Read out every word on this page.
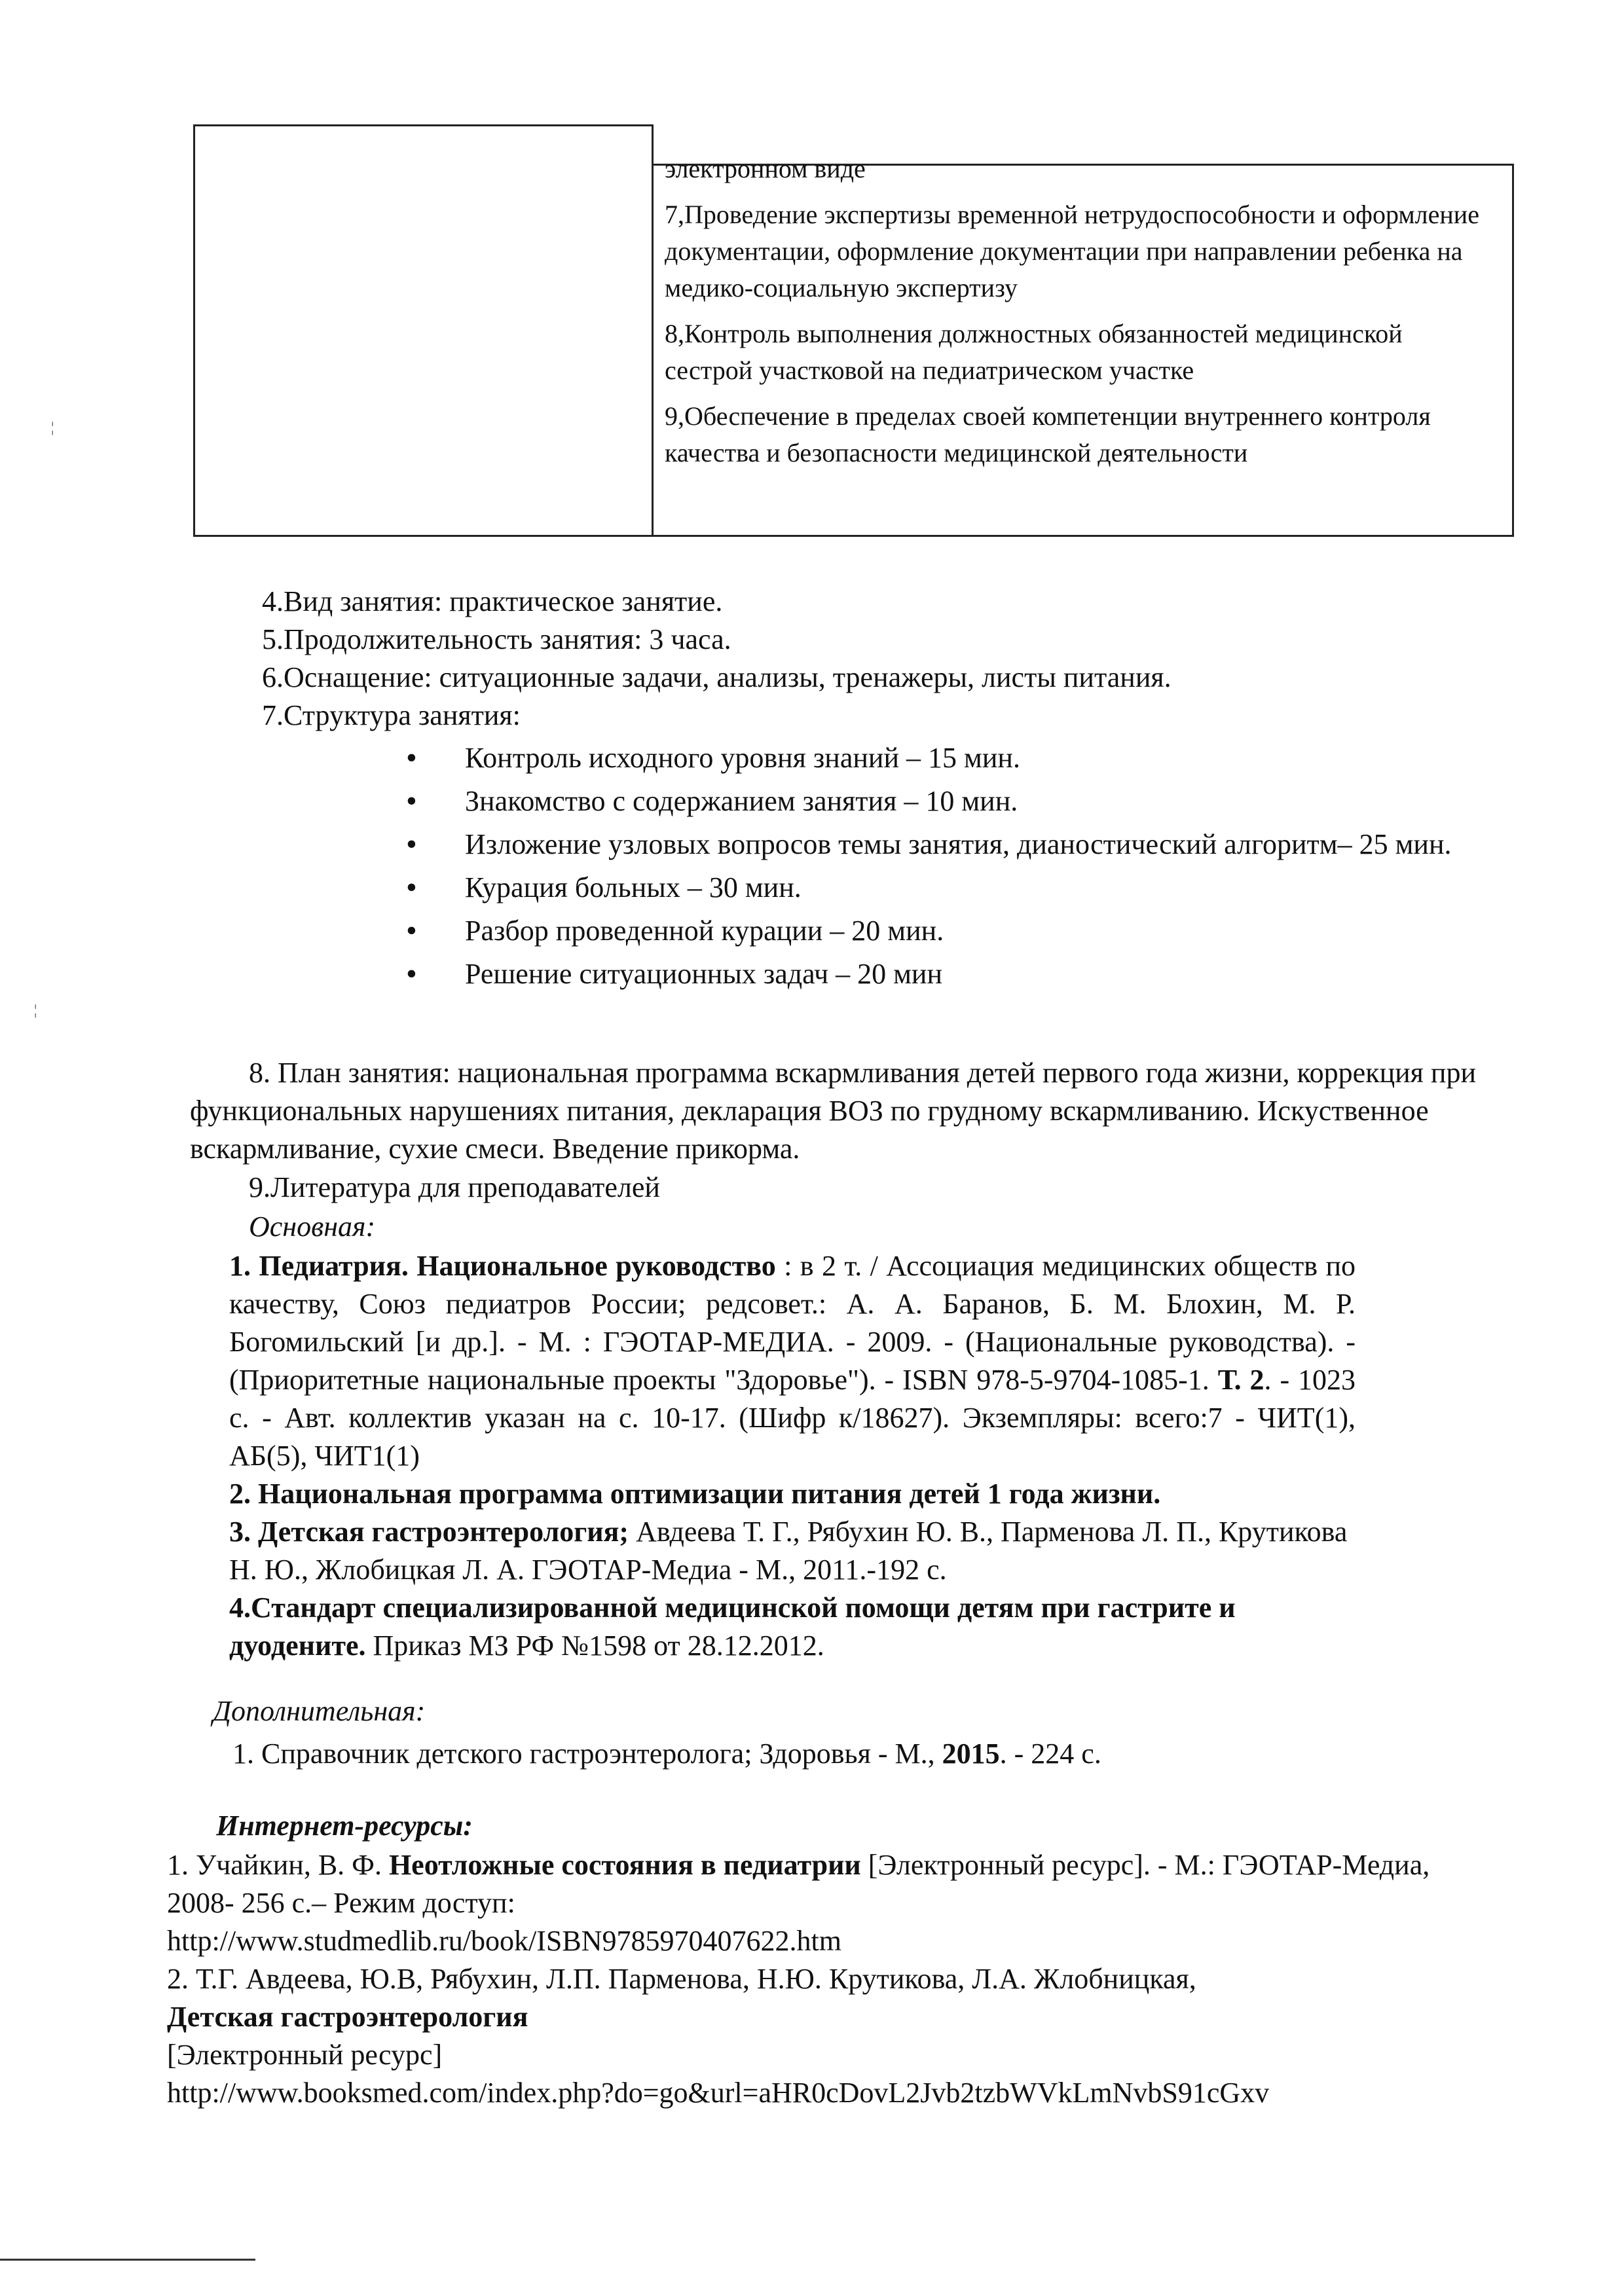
¦
¦

электронном виде

7,Проведение экспертизы временной нетрудоспособности и оформление документации, оформление документации при направлении ребенка на медико-социальную экспертизу

8,Контроль выполнения должностных обязанностей медицинской сестрой участковой на педиатрическом участке

9,Обеспечение в пределах своей компетенции внутреннего контроля качества и безопасности медицинской деятельности

4.Вид занятия: практическое занятие.
5.Продолжительность занятия: 3 часа.
6.Оснащение: ситуационные задачи, анализы, тренажеры, листы питания.
7.Структура занятия:
• Контроль исходного уровня знаний – 15 мин.
• Знакомство с содержанием занятия – 10 мин.
• Изложение узловых вопросов темы занятия, дианостический алгоритм– 25 мин.
• Курация больных – 30 мин.
• Разбор проведенной курации – 20 мин.
• Решение ситуационных задач – 20 мин
8. План занятия: национальная программа вскармливания детей первого года жизни, коррекция при функциональных нарушениях питания, декларация ВОЗ по грудному вскармливанию. Искуственное вскармливание, сухие смеси. Введение прикорма.
9.Литература для преподавателей
Основная:
1. Педиатрия. Национальное руководство : в 2 т. / Ассоциация медицинских обществ по качеству, Союз педиатров России; редсовет.: А. А. Баранов, Б. М. Блохин, М. Р. Богомильский [и др.]. - М. : ГЭОТАР-МЕДИА. - 2009. - (Национальные руководства). - (Приоритетные национальные проекты "Здоровье"). - ISBN 978-5-9704-1085-1. Т. 2. - 1023 с. - Авт. коллектив указан на с. 10-17. (Шифр к/18627). Экземпляры: всего:7 - ЧИТ(1), АБ(5), ЧИТ1(1)
2. Национальная программа оптимизации питания детей 1 года жизни.
3. Детская гастроэнтерология; Авдеева Т. Г., Рябухин Ю. В., Парменова Л. П., Крутикова Н. Ю., Жлобицкая Л. А. ГЭОТАР-Медиа - М., 2011.-192 с.
4.Стандарт специализированной медицинской помощи детям при гастрите и дуодените. Приказ МЗ РФ №1598 от 28.12.2012.
Дополнительная:
1. Справочник детского гастроэнтеролога; Здоровья - М., 2015. - 224 с.
Интернет-ресурсы:
1. Учайкин, В. Ф. Неотложные состояния в педиатрии [Электронный ресурс]. - М.: ГЭОТАР-Медиа, 2008- 256 с.– Режим доступ:
http://www.studmedlib.ru/book/ISBN9785970407622.htm
2. Т.Г. Авдеева, Ю.В, Рябухин, Л.П. Парменова, Н.Ю. Крутикова, Л.А. Жлобницкая,
Детская гастроэнтерология
[Электронный ресурс]
http://www.booksmed.com/index.php?do=go&url=aHR0cDovL2Jvb2tzbWVkLmNvbS91cGxv
